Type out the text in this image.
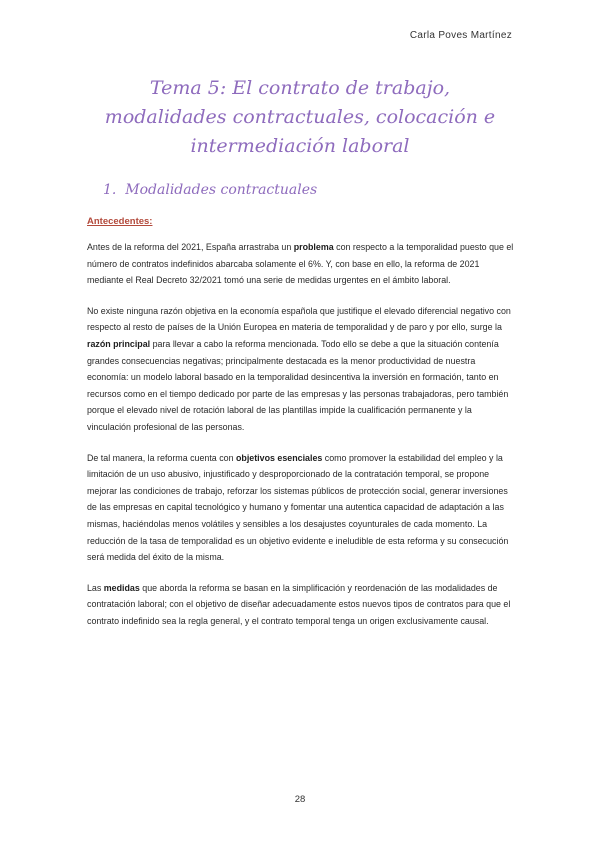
Carla Poves Martínez
Tema 5: El contrato de trabajo,
modalidades contractuales, colocación e
intermediación laboral
1. Modalidades contractuales
Antecedentes:

Antes de la reforma del 2021, España arrastraba un problema con respecto a la temporalidad puesto que el número de contratos indefinidos abarcaba solamente el 6%. Y, con base en ello, la reforma de 2021 mediante el Real Decreto 32/2021 tomó una serie de medidas urgentes en el ámbito laboral.

No existe ninguna razón objetiva en la economía española que justifique el elevado diferencial negativo con respecto al resto de países de la Unión Europea en materia de temporalidad y de paro y por ello, surge la razón principal para llevar a cabo la reforma mencionada. Todo ello se debe a que la situación contenía grandes consecuencias negativas; principalmente destacada es la menor productividad de nuestra economía: un modelo laboral basado en la temporalidad desincentiva la inversión en formación, tanto en recursos como en el tiempo dedicado por parte de las empresas y las personas trabajadoras, pero también porque el elevado nivel de rotación laboral de las plantillas impide la cualificación permanente y la vinculación profesional de las personas.

De tal manera, la reforma cuenta con objetivos esenciales como promover la estabilidad del empleo y la limitación de un uso abusivo, injustificado y desproporcionado de la contratación temporal, se propone mejorar las condiciones de trabajo, reforzar los sistemas públicos de protección social, generar inversiones de las empresas en capital tecnológico y humano y fomentar una autentica capacidad de adaptación a las mismas, haciéndolas menos volátiles y sensibles a los desajustes coyunturales de cada momento. La reducción de la tasa de temporalidad es un objetivo evidente e ineludible de esta reforma y su consecución será medida del éxito de la misma.

Las medidas que aborda la reforma se basan en la simplificación y reordenación de las modalidades de contratación laboral; con el objetivo de diseñar adecuadamente estos nuevos tipos de contratos para que el contrato indefinido sea la regla general, y el contrato temporal tenga un origen exclusivamente causal.

28
